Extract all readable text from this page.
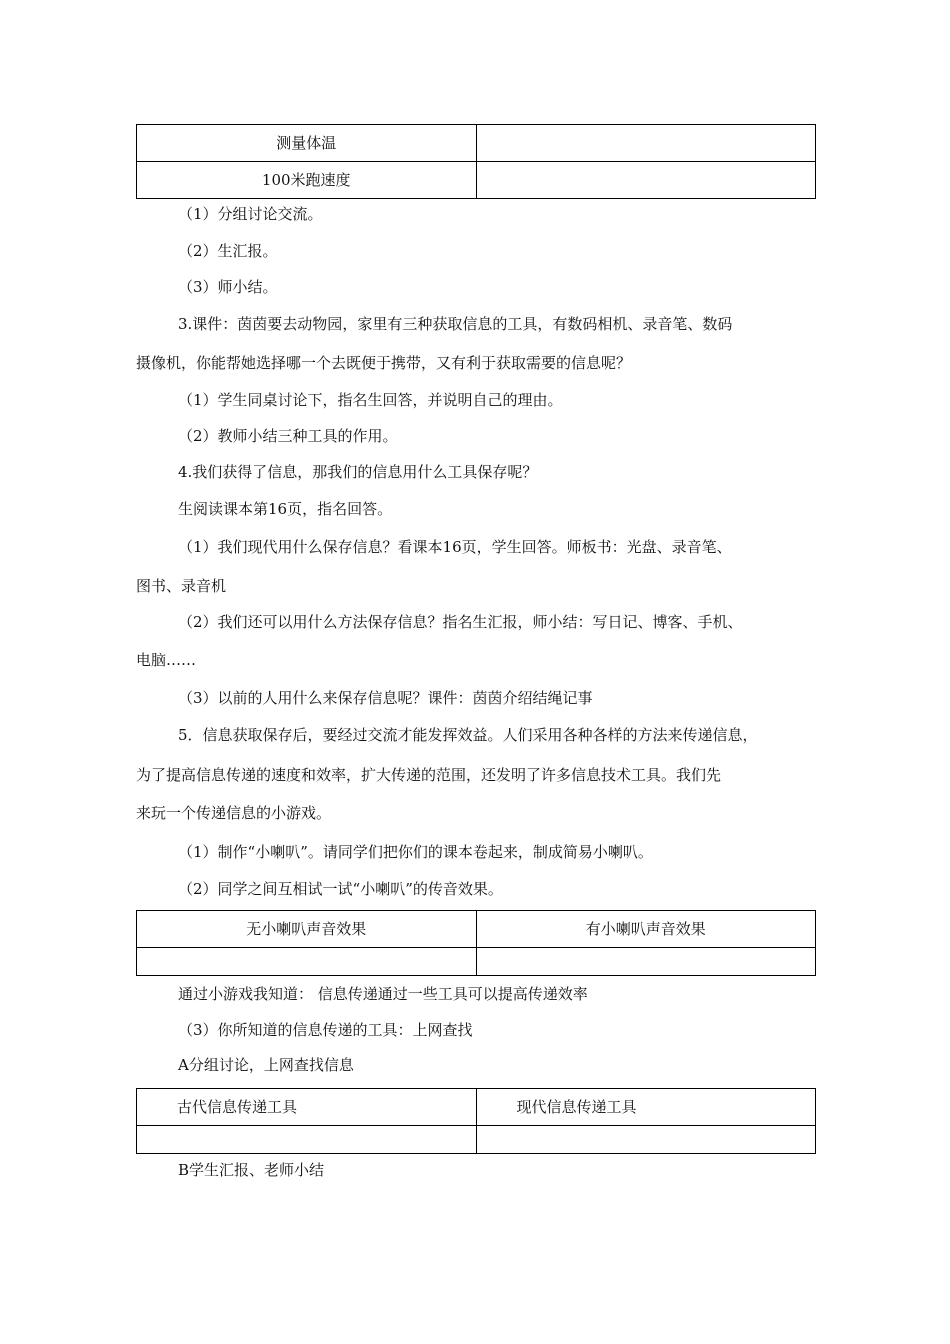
测量体温	
100米跑速度	
（1）分组讨论交流。
（2）生汇报。
（3）师小结。
3.课件：茵茵要去动物园，家里有三种获取信息的工具，有数码相机、录音笔、数码
摄像机，你能帮她选择哪一个去既便于携带，又有利于获取需要的信息呢？
（1）学生同桌讨论下，指名生回答，并说明自己的理由。
（2）教师小结三种工具的作用。
4.我们获得了信息，那我们的信息用什么工具保存呢？
生阅读课本第16页，指名回答。
（1）我们现代用什么保存信息？看课本16页，学生回答。师板书：光盘、录音笔、
图书、录音机
（2）我们还可以用什么方法保存信息？指名生汇报，师小结：写日记、博客、手机、
电脑……
（3）以前的人用什么来保存信息呢？课件：茵茵介绍结绳记事
5．信息获取保存后，要经过交流才能发挥效益。人们采用各种各样的方法来传递信息，
为了提高信息传递的速度和效率，扩大传递的范围，还发明了许多信息技术工具。我们先
来玩一个传递信息的小游戏。
（1）制作“小喇叭”。请同学们把你们的课本卷起来，制成简易小喇叭。
（2）同学之间互相试一试“小喇叭”的传音效果。
无小喇叭声音效果	有小喇叭声音效果

通过小游戏我知道： 信息传递通过一些工具可以提高传递效率
（3）你所知道的信息传递的工具：上网查找
A分组讨论，上网查找信息
古代信息传递工具	现代信息传递工具

B学生汇报、老师小结
